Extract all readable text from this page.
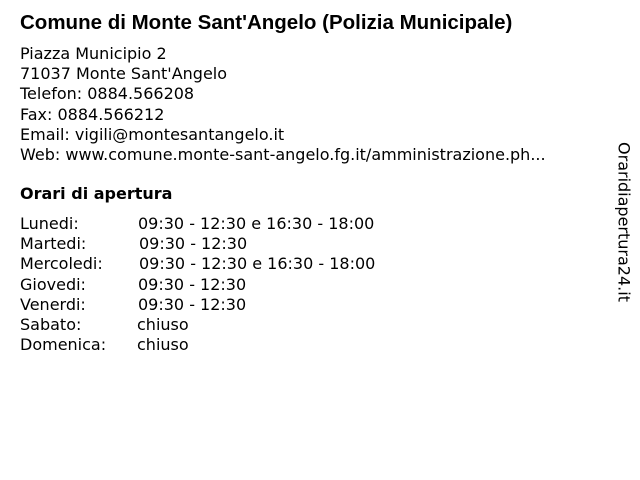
Comune di Monte Sant'Angelo (Polizia Municipale)
Piazza Municipio 2
71037 Monte Sant'Angelo
Telefon: 0884.566208
Fax: 0884.566212
Email: vigili@montesantangelo.it
Web: www.comune.monte-sant-angelo.fg.it/amministrazione.ph...
Orari di apertura
Lunedi:	09:30 - 12:30 e 16:30 - 18:00
Martedi:	09:30 - 12:30
Mercoledi: 09:30 - 12:30 e 16:30 - 18:00
Giovedi:	09:30 - 12:30
Venerdi:	09:30 - 12:30
Sabato:	chiuso
Domenica: chiuso
Oraridiapertura24.it
